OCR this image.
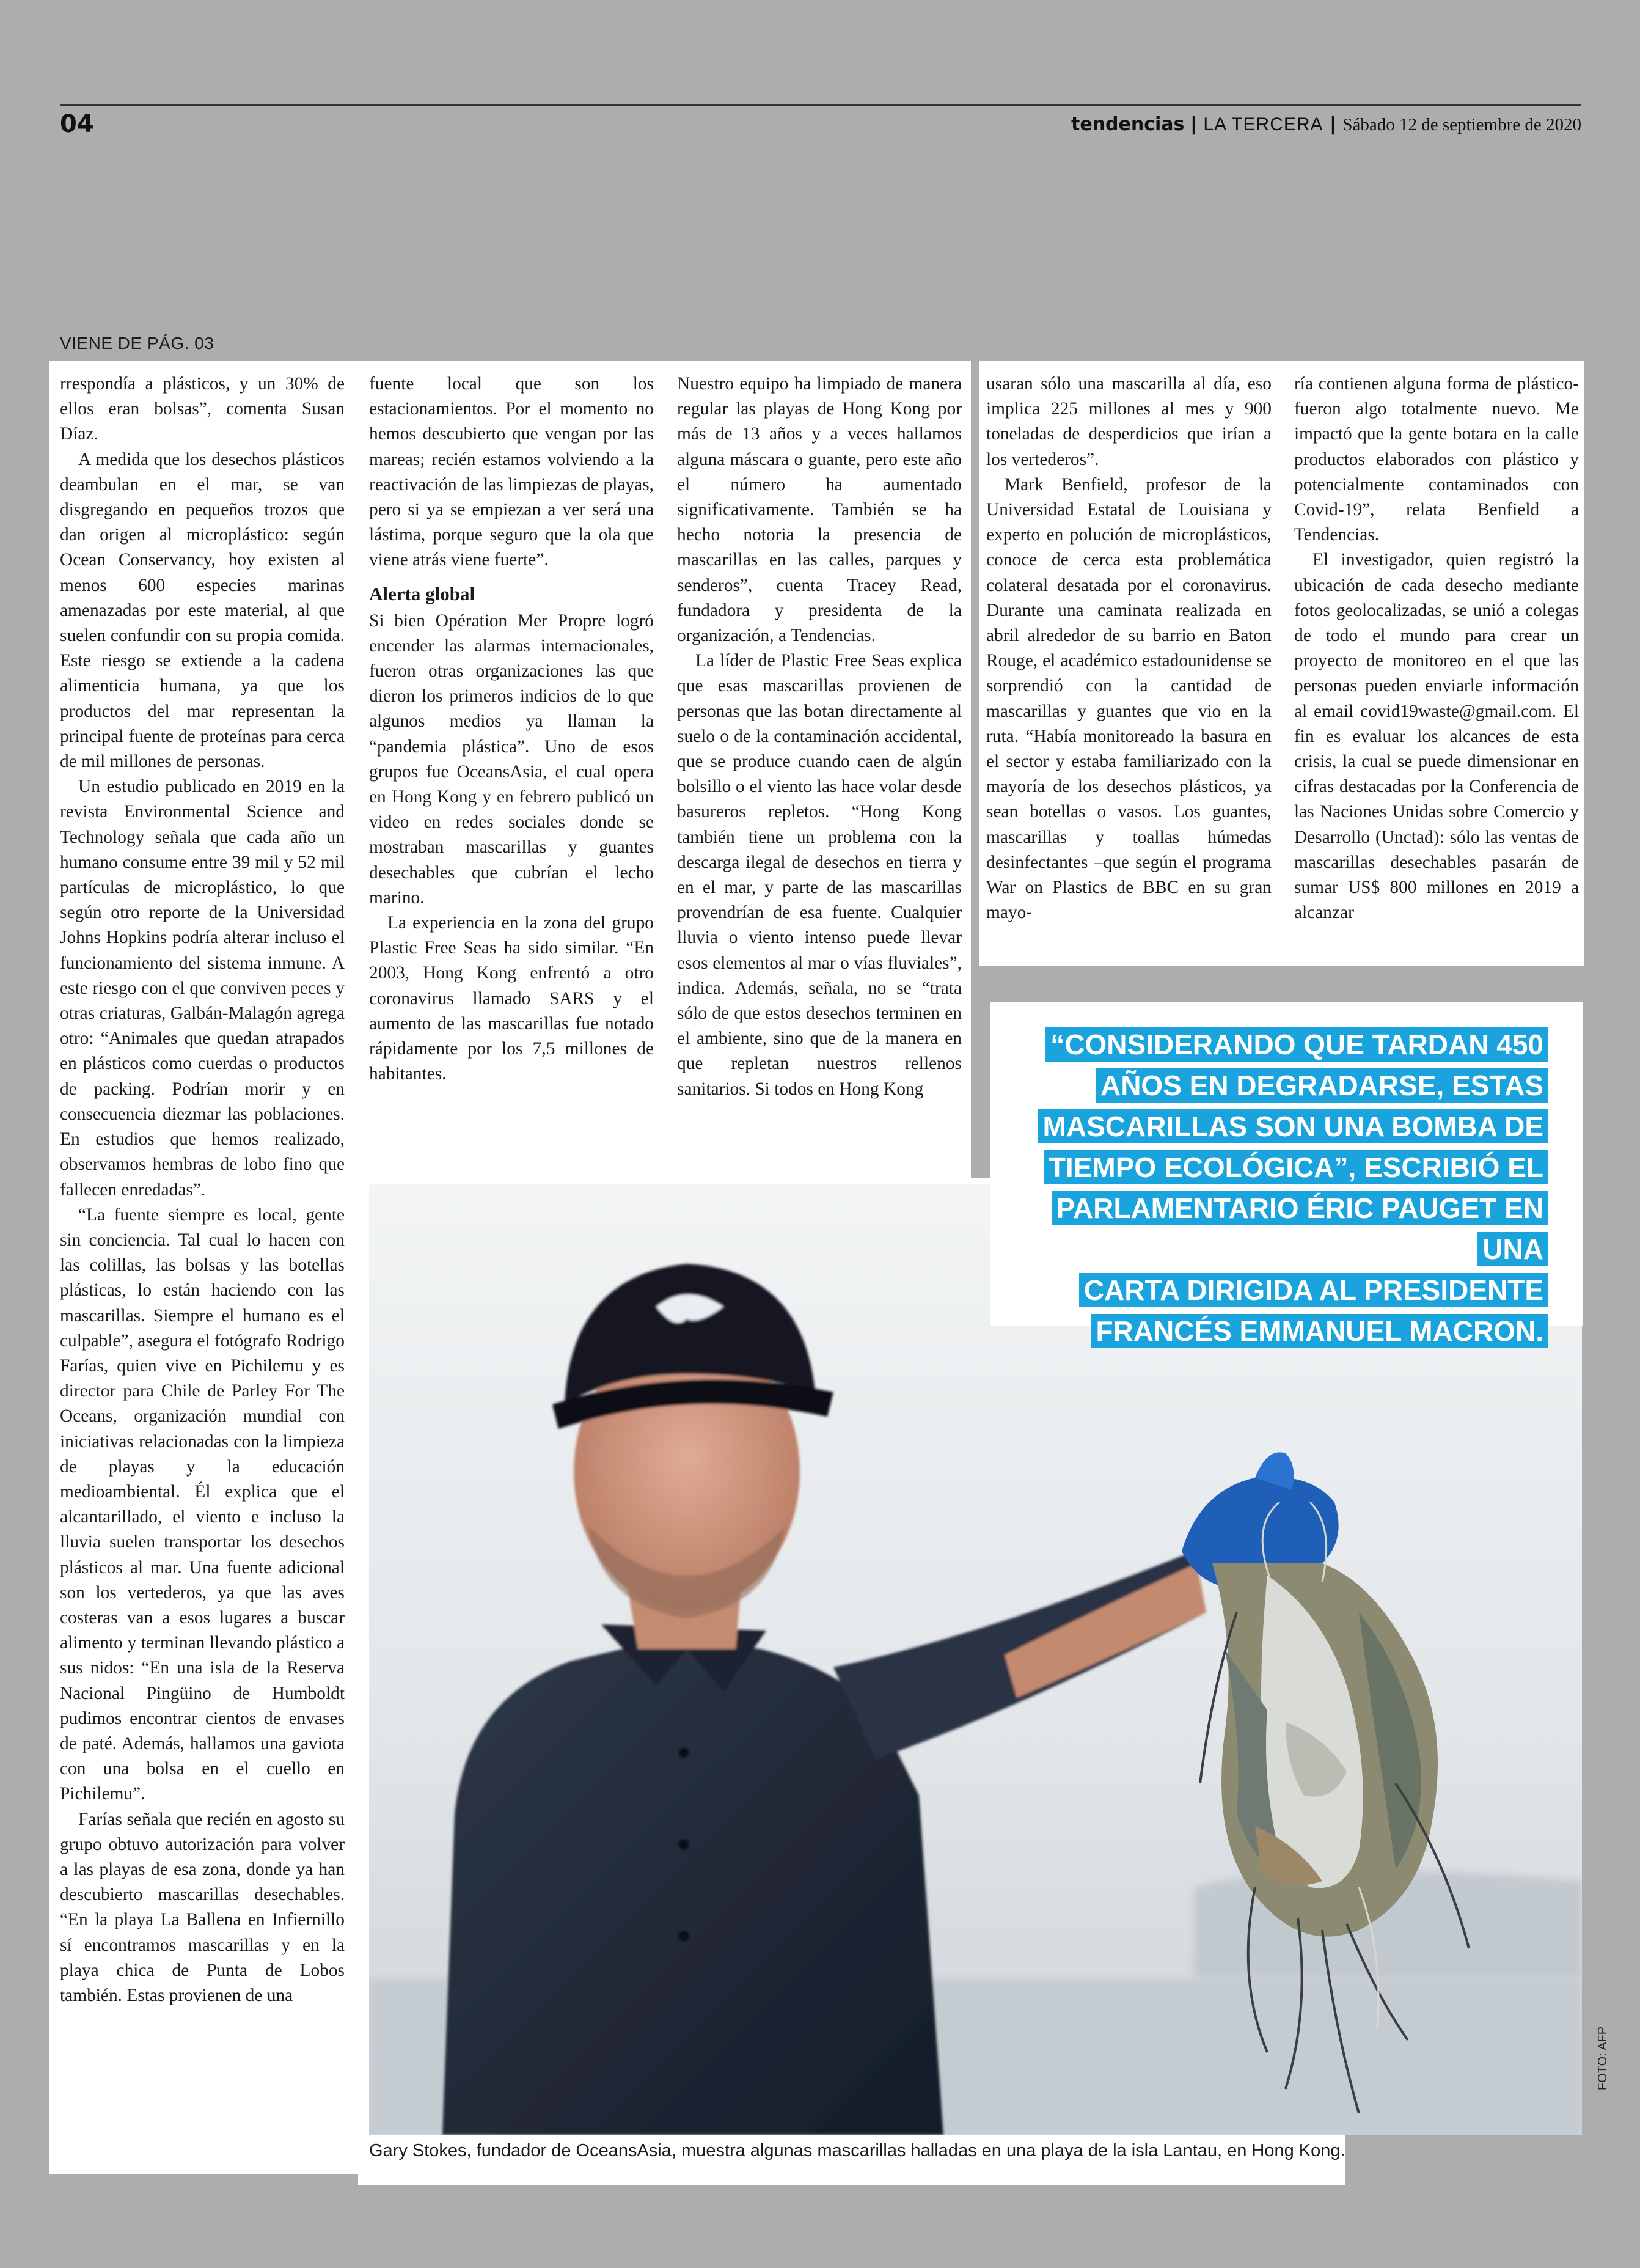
04	tendencias | LA TERCERA | Sábado 12 de septiembre de 2020
VIENE DE PÁG. 03

rrespondía a plásticos, y un 30% de ellos eran bolsas”, comenta Susan Díaz.

A medida que los desechos plásticos deambulan en el mar, se van disgregando en pequeños trozos que dan origen al microplástico: según Ocean Conservancy, hoy existen al menos 600 especies marinas amenazadas por este material, al que suelen confundir con su propia comida. Este riesgo se extiende a la cadena alimenticia humana, ya que los productos del mar representan la principal fuente de proteínas para cerca de mil millones de personas.

Un estudio publicado en 2019 en la revista Environmental Science and Technology señala que cada año un humano consume entre 39 mil y 52 mil partículas de microplástico, lo que según otro reporte de la Universidad Johns Hopkins podría alterar incluso el funcionamiento del sistema inmune. A este riesgo con el que conviven peces y otras criaturas, Galbán-Malagón agrega otro: “Animales que quedan atrapados en plásticos como cuerdas o productos de packing. Podrían morir y en consecuencia diezmar las poblaciones. En estudios que hemos realizado, observamos hembras de lobo fino que fallecen enredadas”.

“La fuente siempre es local, gente sin conciencia. Tal cual lo hacen con las colillas, las bolsas y las botellas plásticas, lo están haciendo con las mascarillas. Siempre el humano es el culpable”, asegura el fotógrafo Rodrigo Farías, quien vive en Pichilemu y es director para Chile de Parley For The Oceans, organización mundial con iniciativas relacionadas con la limpieza de playas y la educación medioambiental. Él explica que el alcantarillado, el viento e incluso la lluvia suelen transportar los desechos plásticos al mar. Una fuente adicional son los vertederos, ya que las aves costeras van a esos lugares a buscar alimento y terminan llevando plástico a sus nidos: “En una isla de la Reserva Nacional Pingüino de Humboldt pudimos encontrar cientos de envases de paté. Además, hallamos una gaviota con una bolsa en el cuello en Pichilemu”.

Farías señala que recién en agosto su grupo obtuvo autorización para volver a las playas de esa zona, donde ya han descubierto mascarillas desechables. “En la playa La Ballena en Infiernillo sí encontramos mascarillas y en la playa chica de Punta de Lobos también. Estas provienen de una

fuente local que son los estacionamientos. Por el momento no hemos descubierto que vengan por las mareas; recién estamos volviendo a la reactivación de las limpiezas de playas, pero si ya se empiezan a ver será una lástima, porque seguro que la ola que viene atrás viene fuerte”.

Alerta global

Si bien Opération Mer Propre logró encender las alarmas internacionales, fueron otras organizaciones las que dieron los primeros indicios de lo que algunos medios ya llaman la “pandemia plástica”. Uno de esos grupos fue OceansAsia, el cual opera en Hong Kong y en febrero publicó un video en redes sociales donde se mostraban mascarillas y guantes desechables que cubrían el lecho marino.

La experiencia en la zona del grupo Plastic Free Seas ha sido similar. “En 2003, Hong Kong enfrentó a otro coronavirus llamado SARS y el aumento de las mascarillas fue notado rápidamente por los 7,5 millones de habitantes.

Nuestro equipo ha limpiado de manera regular las playas de Hong Kong por más de 13 años y a veces hallamos alguna máscara o guante, pero este año el número ha aumentado significativamente. También se ha hecho notoria la presencia de mascarillas en las calles, parques y senderos”, cuenta Tracey Read, fundadora y presidenta de la organización, a Tendencias.

La líder de Plastic Free Seas explica que esas mascarillas provienen de personas que las botan directamente al suelo o de la contaminación accidental, que se produce cuando caen de algún bolsillo o el viento las hace volar desde basureros repletos. “Hong Kong también tiene un problema con la descarga ilegal de desechos en tierra y en el mar, y parte de las mascarillas provendrían de esa fuente. Cualquier lluvia o viento intenso puede llevar esos elementos al mar o vías fluviales”, indica. Además, señala, no se “trata sólo de que estos desechos terminen en el ambiente, sino que de la manera en que repletan nuestros rellenos sanitarios. Si todos en Hong Kong

usaran sólo una mascarilla al día, eso implica 225 millones al mes y 900 toneladas de desperdicios que irían a los vertederos”.

Mark Benfield, profesor de la Universidad Estatal de Louisiana y experto en polución de microplásticos, conoce de cerca esta problemática colateral desatada por el coronavirus. Durante una caminata realizada en abril alrededor de su barrio en Baton Rouge, el académico estadounidense se sorprendió con la cantidad de mascarillas y guantes que vio en la ruta. “Había monitoreado la basura en el sector y estaba familiarizado con la mayoría de los desechos plásticos, ya sean botellas o vasos. Los guantes, mascarillas y toallas húmedas desinfectantes –que según el programa War on Plastics de BBC en su gran mayo-

ría contienen alguna forma de plástico- fueron algo totalmente nuevo. Me impactó que la gente botara en la calle productos elaborados con plástico y potencialmente contaminados con Covid-19”, relata Benfield a Tendencias.

El investigador, quien registró la ubicación de cada desecho mediante fotos geolocalizadas, se unió a colegas de todo el mundo para crear un proyecto de monitoreo en el que las personas pueden enviarle información al email covid19waste@gmail.com. El fin es evaluar los alcances de esta crisis, la cual se puede dimensionar en cifras destacadas por la Conferencia de las Naciones Unidas sobre Comercio y Desarrollo (Unctad): sólo las ventas de mascarillas desechables pasarán de sumar US$ 800 millones en 2019 a alcanzar

Gary Stokes, fundador de OceansAsia, muestra algunas mascarillas halladas en una playa de la isla Lantau, en Hong Kong.
FOTO: AFP
“CONSIDERANDO QUE TARDAN 450
AÑOS EN DEGRADARSE, ESTAS
MASCARILLAS SON UNA BOMBA DE
TIEMPO ECOLÓGICA”, ESCRIBIÓ EL
PARLAMENTARIO ÉRIC PAUGET EN UNA
CARTA DIRIGIDA AL PRESIDENTE
FRANCÉS EMMANUEL MACRON.
